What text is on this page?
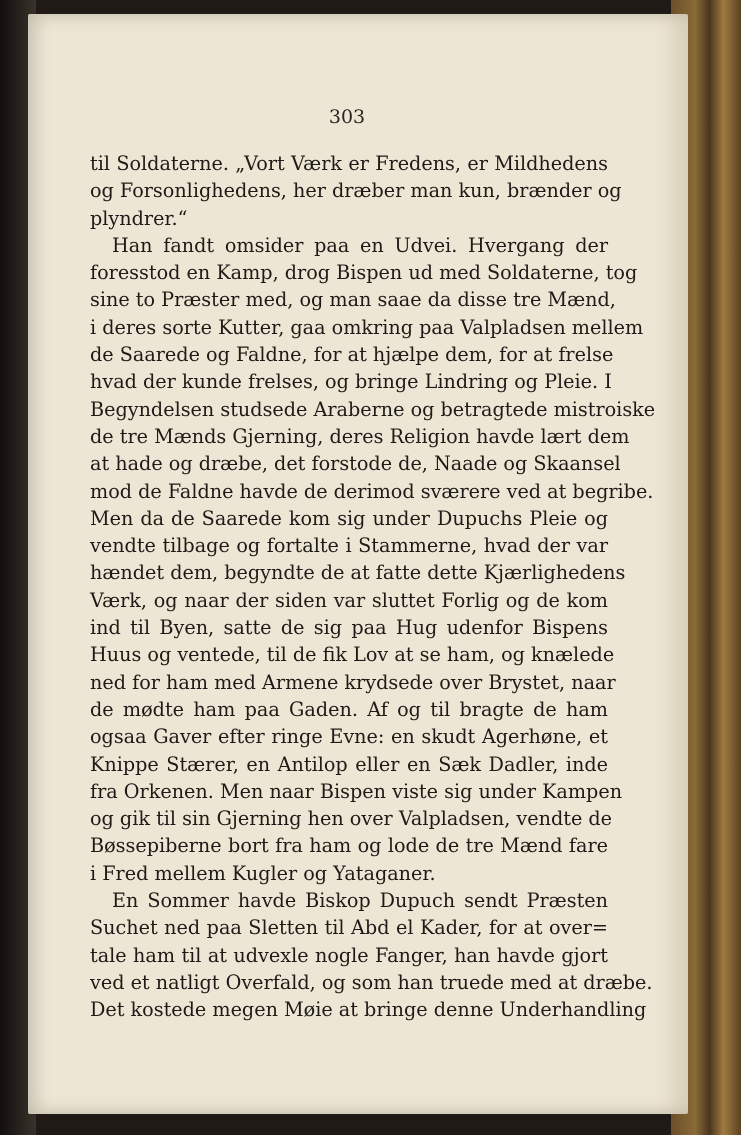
303
til Soldaterne. „Vort Værk er Fredens, er Mildhedens
og Forsonlighedens, her dræber man kun, brænder og
plyndrer.“
Han fandt omsider paa en Udvei. Hvergang der
foresstod en Kamp, drog Bispen ud med Soldaterne, tog
sine to Præster med, og man saae da disse tre Mænd,
i deres sorte Kutter, gaa omkring paa Valpladsen mellem
de Saarede og Faldne, for at hjælpe dem, for at frelse
hvad der kunde frelses, og bringe Lindring og Pleie. I
Begyndelsen studsede Araberne og betragtede mistroiske
de tre Mænds Gjerning, deres Religion havde lært dem
at hade og dræbe, det forstode de, Naade og Skaansel
mod de Faldne havde de derimod sværere ved at begribe.
Men da de Saarede kom sig under Dupuchs Pleie og
vendte tilbage og fortalte i Stammerne, hvad der var
hændet dem, begyndte de at fatte dette Kjærlighedens
Værk, og naar der siden var sluttet Forlig og de kom
ind til Byen, satte de sig paa Hug udenfor Bispens
Huus og ventede, til de fik Lov at se ham, og knælede
ned for ham med Armene krydsede over Brystet, naar
de mødte ham paa Gaden. Af og til bragte de ham
ogsaa Gaver efter ringe Evne: en skudt Agerhøne, et
Knippe Stærer, en Antilop eller en Sæk Dadler, inde
fra Orkenen. Men naar Bispen viste sig under Kampen
og gik til sin Gjerning hen over Valpladsen, vendte de
Bøssepiberne bort fra ham og lode de tre Mænd fare
i Fred mellem Kugler og Yataganer.
En Sommer havde Biskop Dupuch sendt Præsten
Suchet ned paa Sletten til Abd el Kader, for at over=
tale ham til at udvexle nogle Fanger, han havde gjort
ved et natligt Overfald, og som han truede med at dræbe.
Det kostede megen Møie at bringe denne Underhandling
